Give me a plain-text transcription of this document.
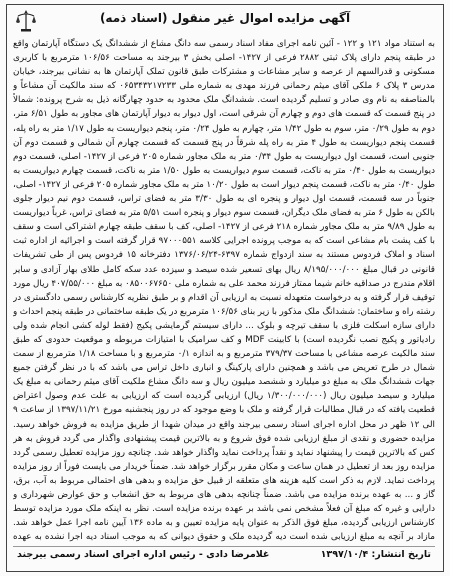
آگهی مزایده اموال غیر منقول (اسناد ذمه)
به استناد مواد ۱۲۱ و ۱۲۲ - آئین نامه اجرای مفاد اسناد رسمی سه دانگ مشاع از ششدانگ یک دستگاه آپارتمان واقع در طبقه پنجم دارای پلاک ثبتی ۲۸۸۲ فرعی از ۱۴۲۷- اصلی بخش ۳ بیرجند به مساحت ۱۰۶/۵۶ مترمربع با کاربری مسکونی و قدرالسهم از عرصه و سایر مشاعات و مشترکات طبق قانون تملک آپارتمان ها به نشانی بیرجند، خیابان مدرس ۳ پلاک ۶ ملکی آقای میثم رحمانی فرزند مهدی به شماره ملی ۰۶۵۳۴۳۲۱۷۲۳۳ که سند مالکیت آن مشاعاً و بالمناصفه به نام وی صادر و تسلیم گردیده است. ششدانگ ملک محدود به حدود چهارگانه ذیل به شرح پرونده: شمالاً در پنج قسمت که قسمت های دوم و چهارم آن شرقی است، اول دیوار به دیوار آپارتمان های مجاور به طول ۶/۵۱ متر، دوم به طول ۰/۲۹ متر، سوم به طول ۱/۴۲ متر، چهارم به طول ۰/۲۴ متر، پنجم دیواریست به طول ۱/۱۷ متر به راه پله، قسمت پنجم دیواریست به طول ۴ متر به راه پله شرقاً در پنج قسمت که قسمت چهارم آن شمالی و قسمت دوم آن جنوبی است، قسمت اول دیواریست به طول ۰/۳۴ متر به ملک مجاور شماره ۲۰۵ فرعی از ۱۴۲۷- اصلی، قسمت دوم دیواریست به طول ۰/۴۰ متر به ناکت، قسمت سوم دیواریست به طول ۱/۵۰ متر به ناکت، قسمت چهارم دیواریست به طول ۰/۴۰ متر به ناکت، قسمت پنجم دیوار است به طول ۱۰/۲۰ متر به ملک مجاور شماره ۲۰۵ فرعی از ۱۴۲۷- اصلی، جنوباً در سه قسمت، قسمت اول دیوار و پنجره ای به طول ۳/۳۰ متر به فضای تراس، قسمت دوم نیم دیوار جلوی بالکن به طول ۶ متر به فضای ملک دیگران، قسمت سوم دیوار و پنجره است ۵/۵۱ متر به فضای تراس، غرباً دیواریست به طول ۹/۸۹ متر به ملک مجاور شماره ۲۱۸ فرعی از ۱۴۲۷- اصلی، کف با سقف طبقه چهارم اشتراکی است و سقف با کف پشت بام مشاعی است که به موجب پرونده اجرایی کلاسه ۹۷۰۰۰۵۵۱ قرار گرفته است و اجرائیه از اداره ثبت اسناد و املاک فردوس مستند به سند ازدواج شماره ۶۳۹۷-۱۳۷۶/۰۶/۲۴ دفترخانه ۱۵ فردوس پس از طی تشریفات قانونی در قبال مبلغ ۸/۱۹۵/۰۰۰/۰۰۰ ریال بهای تسعیر شده سیصد و سیزده عدد سکه کامل طلای بهار آزادی و سایر اقلام مندرج در صداقیه خانم شیما ممتاز فرزند محمد علی به شماره ملی ۰۸۵۰۰۶۷۶۵۰ به مبلغ ۴۰۷/۵۵/۰۰۰ ریال مورد توقیف قرار گرفته و به درخواست متعهدله نسبت به ارزیابی آن اقدام و بر طبق نظریه کارشناس رسمی دادگستری در رشته راه و ساختمان: ششدانگ ملک مذکور با زیر بنای ۱۰۶/۵۶ مترمربع در یک طبقه ساختمانی در طبقه پنجم احداث و دارای سازه اسکلت فلزی با سقف تیرچه و بلوک ... دارای سیستم گرمایشی پکیج (فقط لوله کشی انجام شده ولی رادیاتور و پکیج نصب نگردیده است) با کابینت MDF و کف سرامیک با امتیازات مربوطه و موقعیت حدودی که طبق سند مالکیت عرصه مشاعی با مساحت ۳۷۹/۳۷ مترمربع و به اندازه ۰/۱ مترمربع و با مساحت ۱/۱۸ مترمربع از سمت شمال در طرح تعریض می باشد و همچنین دارای پارکینگ و انباری داخل تراس می باشد که با در نظر گرفتن جمیع جهات ششدانگ ملک به مبلغ دو میلیارد و ششصد میلیون ریال و سه دانگ مشاع ملکیت آقای میثم رحمانی به مبلغ یک میلیارد و سیصد میلیون ریال (۱/۳۰۰/۰۰۰/۰۰۰ ریال) ارزیابی گردیده است که ارزیابی به علت عدم وصول اعتراض قطعیت یافته که در قبال مطالبات قرار گرفته و ملک با وضع موجود که در روز پنجشنبه مورخ ۱۳۹۷/۱۱/۲۱ از ساعت ۹ الی ۱۲ ظهر در محل اداره اجرای اسناد رسمی بیرجند واقع در میدان شهدا از طریق مزایده به فروش خواهد رسید. مزایده حضوری و نقدی از مبلغ ارزیابی شده فوق شروع و به بالاترین قیمت پیشنهادی واگذار می گردد فروش به هر کس که بالاترین قیمت را پیشنهاد نماید و نقداً پرداخت نماید واگذار خواهد شد. چنانچه روز مزایده تعطیل رسمی گردد مزایده روز بعد از تعطیل در همان ساعت و مکان مقرر برگزار خواهد شد. ضمناً خریدار می بایست فوراً از روز مزایده پرداخت نماید. لازم به ذکر است کلیه هزینه های متعلقه از قبیل حق مزایده و بدهی های احتمالی مربوط به آب، برق، گاز و ... به عهده برنده مزایده می باشد. ضمناً چنانچه بدهی های مربوط به حق انشعاب و حق عوارض شهرداری و دارایی و غیره که مبلغ آن فعلاً مشخص نمی باشد بر عهده برنده مزایده است. نظر به اینکه ملک مورد مزایده توسط کارشناس ارزیابی گردیده، مبلغ فوق الذکر به عنوان پایه مزایده تعیین و به ماده ۱۳۶ آیین نامه اجرا عمل خواهد شد. مازاد بر آنچه به مبلغ ارزیابی شده است دیه گردیده ملک و حقوق دیوانی که به موجب اسناد دیه اجرا نشده به عهده
تاریخ انتشار: ۱۳۹۷/۱۰/۴
غلامرضا دادی - رئیس اداره اجرای اسناد رسمی بیرجند
